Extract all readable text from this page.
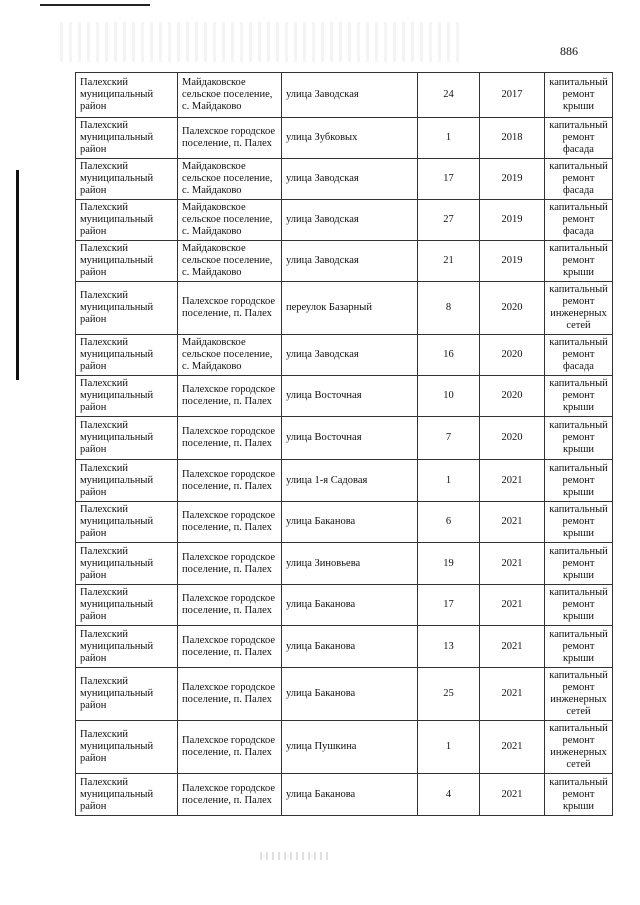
886
Палехский муниципальный район	Майдаковское сельское поселение, с. Майдаково	улица Заводская	24	2017	капитальный ремонт крыши
Палехский муниципальный район	Палехское городское поселение, п. Палех	улица Зубковых	1	2018	капитальный ремонт фасада
Палехский муниципальный район	Майдаковское сельское поселение, с. Майдаково	улица Заводская	17	2019	капитальный ремонт фасада
Палехский муниципальный район	Майдаковское сельское поселение, с. Майдаково	улица Заводская	27	2019	капитальный ремонт фасада
Палехский муниципальный район	Майдаковское сельское поселение, с. Майдаково	улица Заводская	21	2019	капитальный ремонт крыши
Палехский муниципальный район	Палехское городское поселение, п. Палех	переулок Базарный	8	2020	капитальный ремонт инженерных сетей
Палехский муниципальный район	Майдаковское сельское поселение, с. Майдаково	улица Заводская	16	2020	капитальный ремонт фасада
Палехский муниципальный район	Палехское городское поселение, п. Палех	улица Восточная	10	2020	капитальный ремонт крыши
Палехский муниципальный район	Палехское городское поселение, п. Палех	улица Восточная	7	2020	капитальный ремонт крыши
Палехский муниципальный район	Палехское городское поселение, п. Палех	улица 1-я Садовая	1	2021	капитальный ремонт крыши
Палехский муниципальный район	Палехское городское поселение, п. Палех	улица Баканова	6	2021	капитальный ремонт крыши
Палехский муниципальный район	Палехское городское поселение, п. Палех	улица Зиновьева	19	2021	капитальный ремонт крыши
Палехский муниципальный район	Палехское городское поселение, п. Палех	улица Баканова	17	2021	капитальный ремонт крыши
Палехский муниципальный район	Палехское городское поселение, п. Палех	улица Баканова	13	2021	капитальный ремонт крыши
Палехский муниципальный район	Палехское городское поселение, п. Палех	улица Баканова	25	2021	капитальный ремонт инженерных сетей
Палехский муниципальный район	Палехское городское поселение, п. Палех	улица Пушкина	1	2021	капитальный ремонт инженерных сетей
Палехский муниципальный район	Палехское городское поселение, п. Палех	улица Баканова	4	2021	капитальный ремонт крыши
